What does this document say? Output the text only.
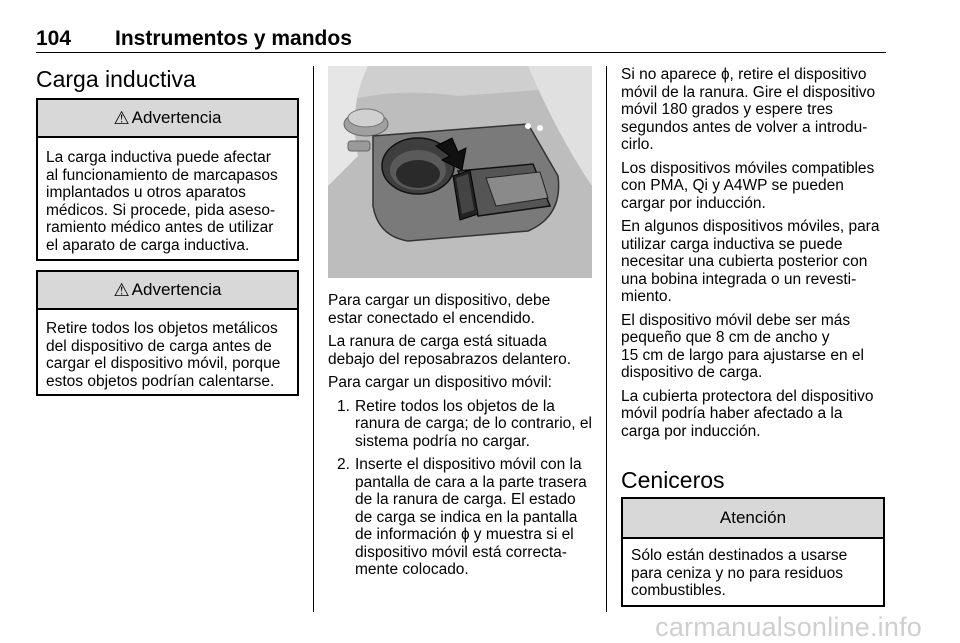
104 Instrumentos y mandos
Carga inductiva
⚠ Advertencia
La carga inductiva puede afectar
al funcionamiento de marcapasos
implantados u otros aparatos
médicos. Si procede, pida aseso-
ramiento médico antes de utilizar
el aparato de carga inductiva.
⚠ Advertencia
Retire todos los objetos metálicos
del dispositivo de carga antes de
cargar el dispositivo móvil, porque
estos objetos podrían calentarse.

Para cargar un dispositivo, debe
estar conectado el encendido.

La ranura de carga está situada
debajo del reposabrazos delantero.

Para cargar un dispositivo móvil:

1. Retire todos los objetos de la
ranura de carga; de lo contrario, el
sistema podría no cargar.
2. Inserte el dispositivo móvil con la
pantalla de cara a la parte trasera
de la ranura de carga. El estado
de carga se indica en la pantalla
de información ɸ y muestra si el
dispositivo móvil está correcta-
mente colocado.

Si no aparece ɸ, retire el dispositivo
móvil de la ranura. Gire el dispositivo
móvil 180 grados y espere tres
segundos antes de volver a introdu-
cirlo.

Los dispositivos móviles compatibles
con PMA, Qi y A4WP se pueden
cargar por inducción.

En algunos dispositivos móviles, para
utilizar carga inductiva se puede
necesitar una cubierta posterior con
una bobina integrada o un revesti-
miento.

El dispositivo móvil debe ser más
pequeño que 8 cm de ancho y
15 cm de largo para ajustarse en el
dispositivo de carga.

La cubierta protectora del dispositivo
móvil podría haber afectado a la
carga por inducción.

Ceniceros
Atención
Sólo están destinados a usarse
para ceniza y no para residuos
combustibles.
carmanualsonline.info
